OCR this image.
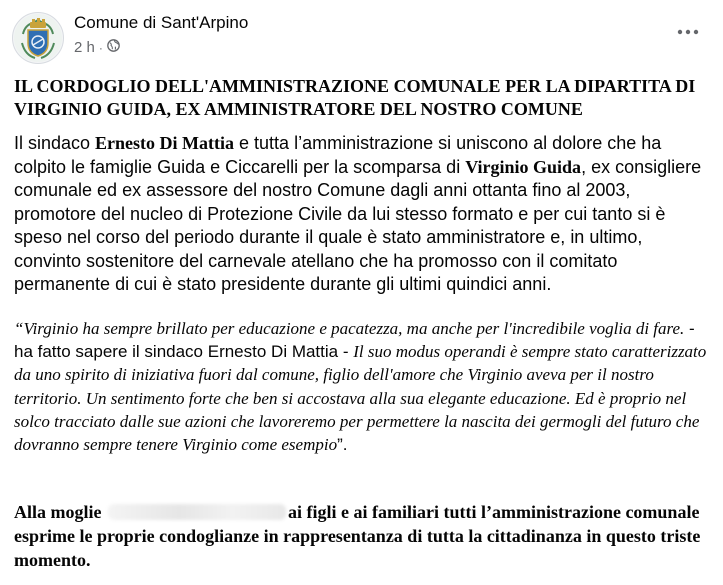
Comune di Sant'Arpino
2 h ·
IL CORDOGLIO DELL'AMMINISTRAZIONE COMUNALE PER LA DIPARTITA DI VIRGINIO GUIDA, EX AMMINISTRATORE DEL NOSTRO COMUNE
Il sindaco Ernesto Di Mattia e tutta l’amministrazione si uniscono al dolore che ha colpito le famiglie Guida e Ciccarelli per la scomparsa di Virginio Guida, ex consigliere comunale ed ex assessore del nostro Comune dagli anni ottanta fino al 2003, promotore del nucleo di Protezione Civile da lui stesso formato e per cui tanto si è speso nel corso del periodo durante il quale è stato amministratore e, in ultimo, convinto sostenitore del carnevale atellano che ha promosso con il comitato permanente di cui è stato presidente durante gli ultimi quindici anni.
“Virginio ha sempre brillato per educazione e pacatezza, ma anche per l'incredibile voglia di fare. - ha fatto sapere il sindaco Ernesto Di Mattia - Il suo modus operandi è sempre stato caratterizzato da uno spirito di iniziativa fuori dal comune, figlio dell'amore che Virginio aveva per il nostro territorio. Un sentimento forte che ben si accostava alla sua elegante educazione. Ed è proprio nel solco tracciato dalle sue azioni che lavoreremo per permettere la nascita dei germogli del futuro che dovranno sempre tenere Virginio come esempio”.
Alla moglie	ai figli e ai familiari tutti l’amministrazione comunale esprime le proprie condoglianze in rappresentanza di tutta la cittadinanza in questo triste momento.
